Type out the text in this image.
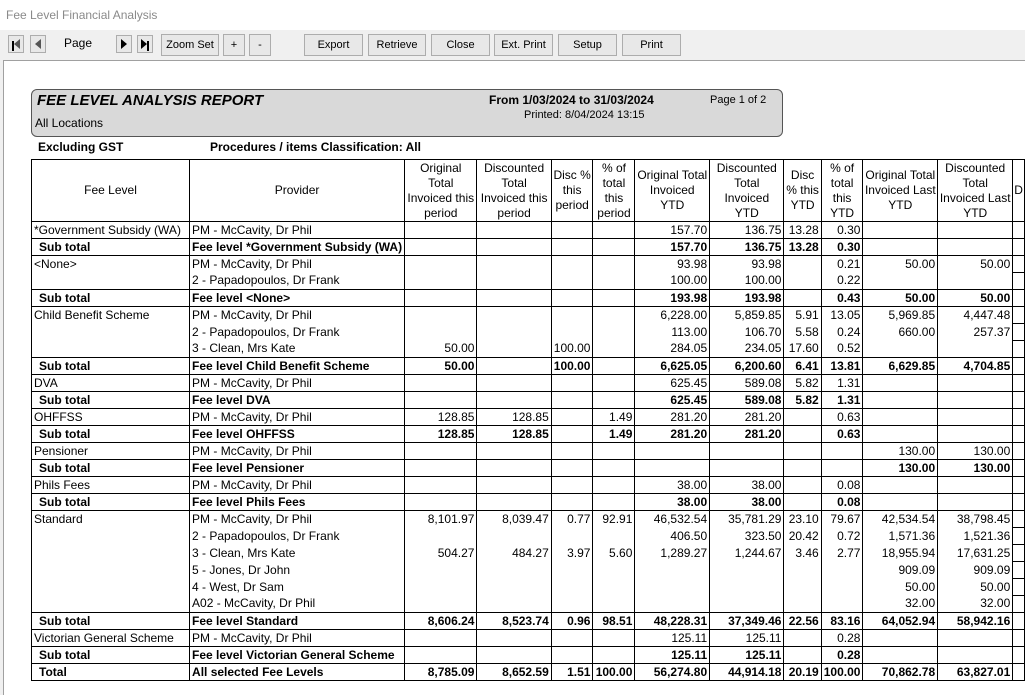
Fee Level Financial Analysis
Page	Zoom Set	+	-	Export	Retrieve	Close	Ext. Print	Setup	Print
FEE LEVEL ANALYSIS REPORT
All Locations
From 1/03/2024 to 31/03/2024
Printed: 8/04/2024 13:15
Page 1 of 2
Excluding GST	Procedures / items Classification: All
Fee Level	Provider	Original Total Invoiced this period	Discounted Total Invoiced this period	Disc % this period	% of total this period	Original Total Invoiced YTD	Discounted Total Invoiced YTD	Disc % this YTD	% of total this YTD	Original Total Invoiced Last YTD	Discounted Total Invoiced Last YTD	D
*Government Subsidy (WA)	PM - McCavity, Dr Phil					157.70	136.75	13.28	0.30			
Sub total	Fee level *Government Subsidy (WA)					157.70	136.75	13.28	0.30			
<None>	PM - McCavity, Dr Phil					93.98	93.98		0.21	50.00	50.00	
	2 - Papadopoulos, Dr Frank					100.00	100.00		0.22			
Sub total	Fee level <None>					193.98	193.98		0.43	50.00	50.00	
Child Benefit Scheme	PM - McCavity, Dr Phil					6,228.00	5,859.85	5.91	13.05	5,969.85	4,447.48	
	2 - Papadopoulos, Dr Frank					113.00	106.70	5.58	0.24	660.00	257.37	
	3 - Clean, Mrs Kate	50.00		100.00		284.05	234.05	17.60	0.52			
Sub total	Fee level Child Benefit Scheme	50.00		100.00		6,625.05	6,200.60	6.41	13.81	6,629.85	4,704.85	
DVA	PM - McCavity, Dr Phil					625.45	589.08	5.82	1.31			
Sub total	Fee level DVA					625.45	589.08	5.82	1.31			
OHFFSS	PM - McCavity, Dr Phil	128.85	128.85		1.49	281.20	281.20		0.63			
Sub total	Fee level OHFFSS	128.85	128.85		1.49	281.20	281.20		0.63			
Pensioner	PM - McCavity, Dr Phil									130.00	130.00	
Sub total	Fee level Pensioner									130.00	130.00	
Phils Fees	PM - McCavity, Dr Phil					38.00	38.00		0.08			
Sub total	Fee level Phils Fees					38.00	38.00		0.08			
Standard	PM - McCavity, Dr Phil	8,101.97	8,039.47	0.77	92.91	46,532.54	35,781.29	23.10	79.67	42,534.54	38,798.45	
	2 - Papadopoulos, Dr Frank					406.50	323.50	20.42	0.72	1,571.36	1,521.36	
	3 - Clean, Mrs Kate	504.27	484.27	3.97	5.60	1,289.27	1,244.67	3.46	2.77	18,955.94	17,631.25	
	5 - Jones, Dr John									909.09	909.09	
	4 - West, Dr Sam									50.00	50.00	
	A02 - McCavity, Dr Phil									32.00	32.00	
Sub total	Fee level Standard	8,606.24	8,523.74	0.96	98.51	48,228.31	37,349.46	22.56	83.16	64,052.94	58,942.16	
Victorian General Scheme	PM - McCavity, Dr Phil					125.11	125.11		0.28			
Sub total	Fee level Victorian General Scheme					125.11	125.11		0.28			
Total	All selected Fee Levels	8,785.09	8,652.59	1.51	100.00	56,274.80	44,914.18	20.19	100.00	70,862.78	63,827.01	
